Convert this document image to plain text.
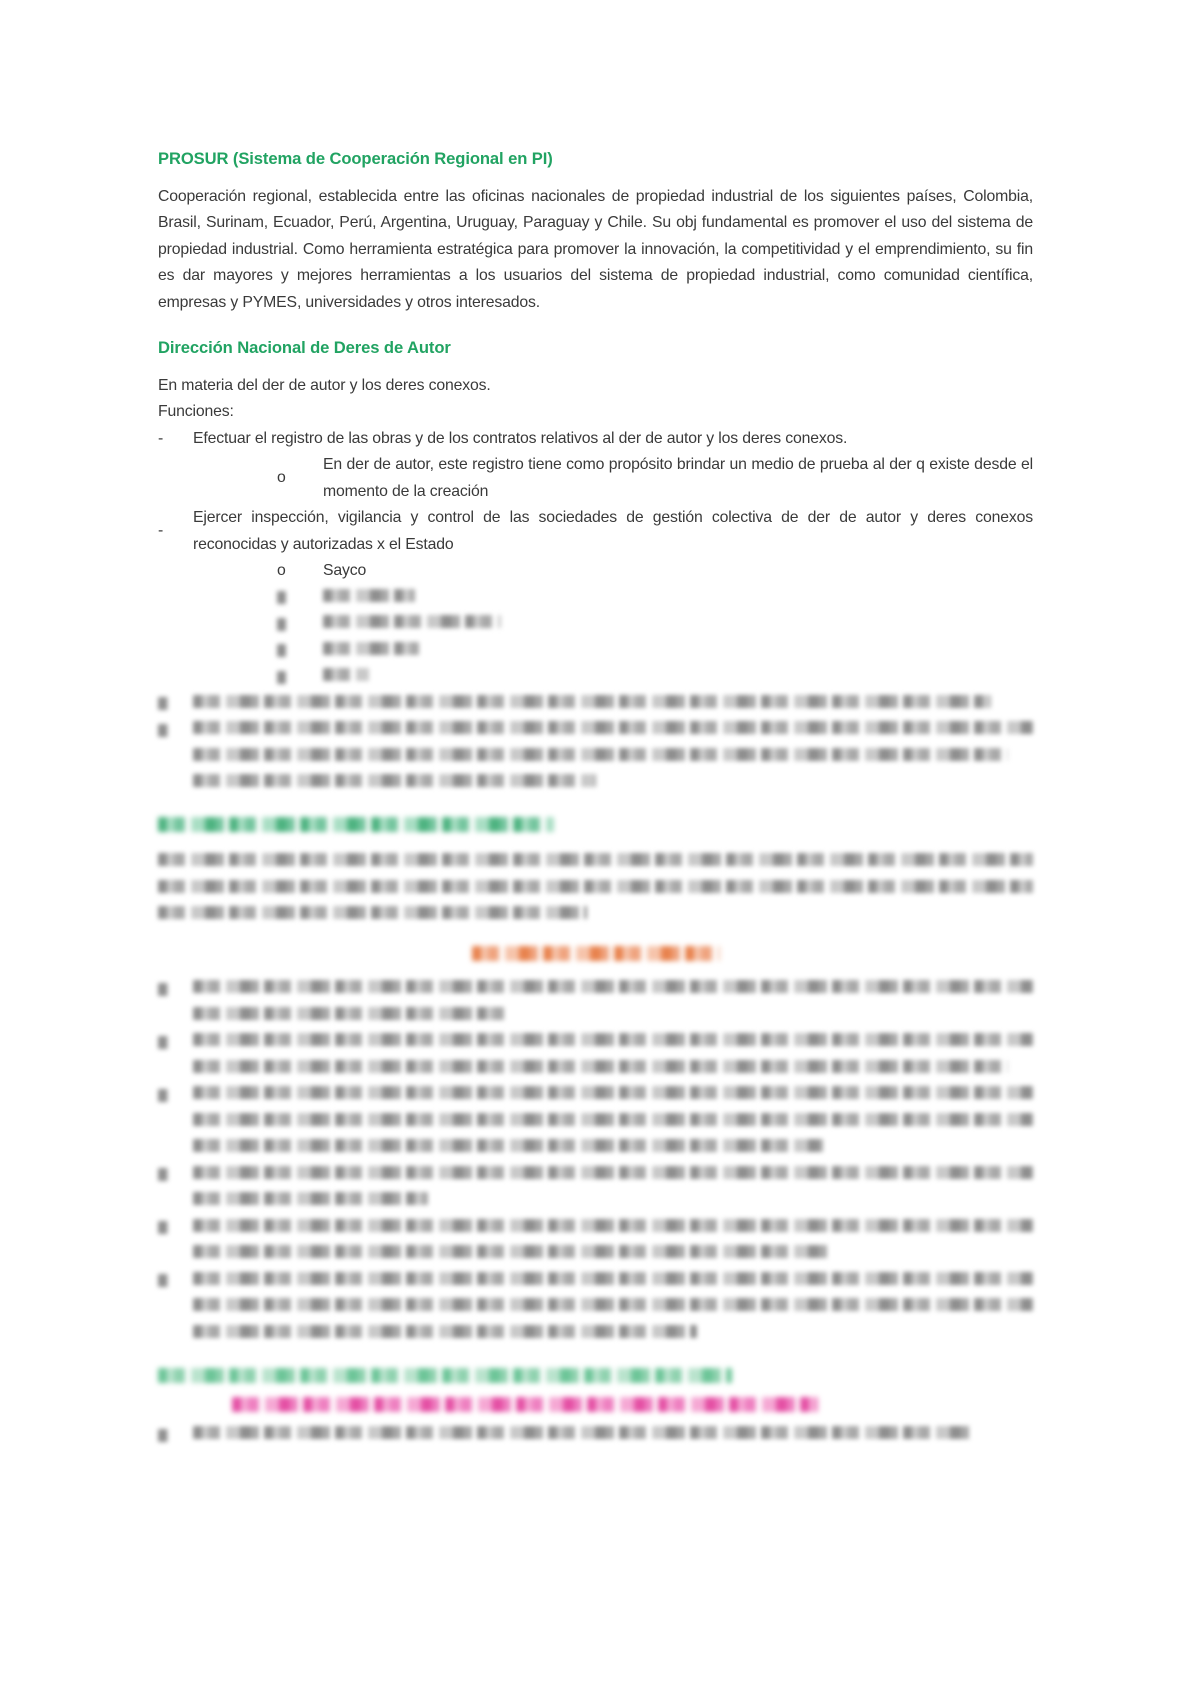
PROSUR (Sistema de Cooperación Regional en PI)

Cooperación regional, establecida entre las oficinas nacionales de propiedad industrial de los siguientes países, Colombia, Brasil, Surinam, Ecuador, Perú, Argentina, Uruguay, Paraguay y Chile. Su obj fundamental es promover el uso del sistema de propiedad industrial. Como herramienta estratégica para promover la innovación, la competitividad y el emprendimiento, su fin es dar mayores y mejores herramientas a los usuarios del sistema de propiedad industrial, como comunidad científica, empresas y PYMES, universidades y otros interesados.

Dirección Nacional de Deres de Autor

En materia del der de autor y los deres conexos.

Funciones:

-	Efectuar el registro de las obras y de los contratos relativos al der de autor y los deres conexos.
o
En der de autor, este registro tiene como propósito brindar un medio de prueba al der q existe desde el momento de la creación
-
Ejercer inspección, vigilancia y control de las sociedades de gestión colectiva de der de autor y deres conexos reconocidas y autorizadas x el Estado
o	Sayco
